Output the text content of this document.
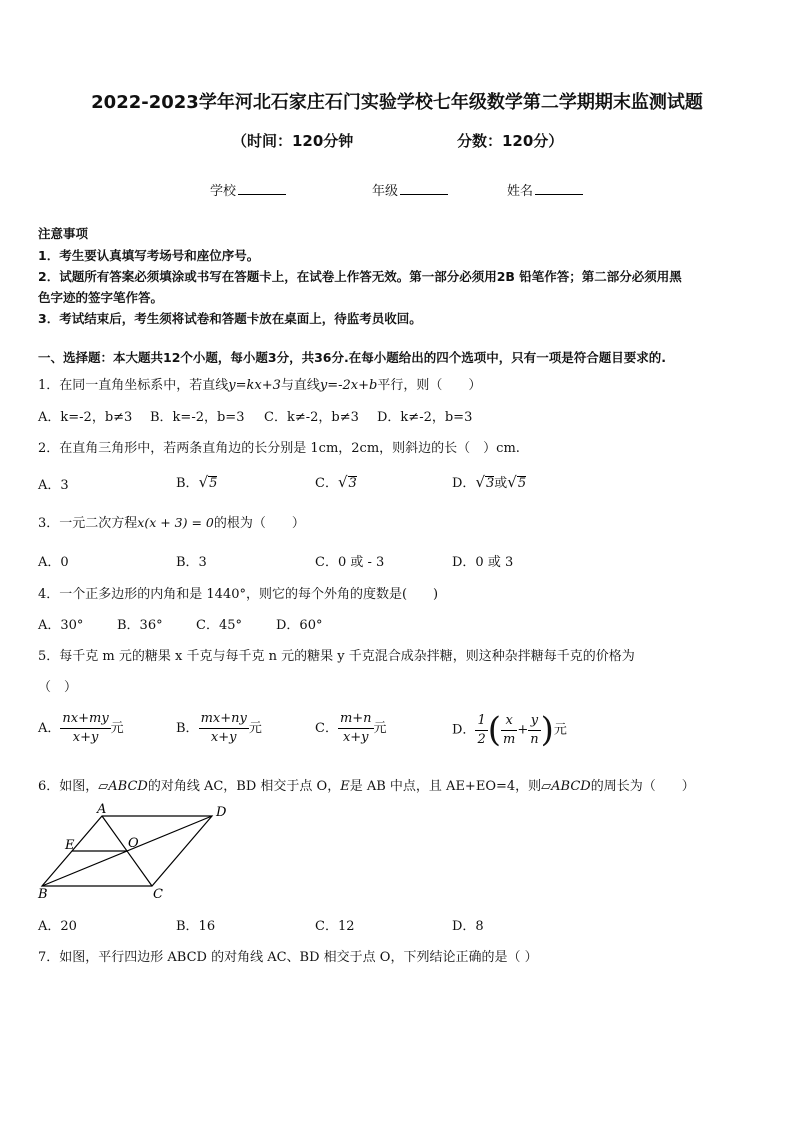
2022-2023学年河北石家庄石门实验学校七年级数学第二学期期末监测试题
（时间：120分钟	分数：120分）
学校	年级	姓名
注意事项
1．考生要认真填写考场号和座位序号。
2．试题所有答案必须填涂或书写在答题卡上，在试卷上作答无效。第一部分必须用2B 铅笔作答；第二部分必须用黑
色字迹的签字笔作答。
3．考试结束后，考生须将试卷和答题卡放在桌面上，待监考员收回。
一、选择题：本大题共12个小题，每小题3分，共36分.在每小题给出的四个选项中，只有一项是符合题目要求的.
1．在同一直角坐标系中，若直线y=kx+3与直线y=-2x+b平行，则（　　）
A．k=-2，b≠3 B．k=-2，b=3 C．k≠-2，b≠3 D．k≠-2，b=3
2．在直角三角形中，若两条直角边的长分别是 1cm，2cm，则斜边的长（　）cm.
A．3	B．√5	C．√3	D．√3或√5
3．一元二次方程x(x + 3) = 0的根为（　　）
A．0	B．3	C．0 或 - 3	D．0 或 3
4．一个正多边形的内角和是 1440°，则它的每个外角的度数是(　　)
A．30°	B．36°	C．45°	D．60°
5．每千克 m 元的糖果 x 千克与每千克 n 元的糖果 y 千克混合成杂拌糖，则这种杂拌糖每千克的价格为
（　）
A． $\frac{nx+my}{x+y}$ 元	B． $\frac{mx+ny}{x+y}$ 元	C． $\frac{m+n}{x+y}$ 元	D． $\frac{1}{2}$ ( $\frac{x}{m} + \frac{y}{n}$ )元
6．如图，▱ABCD的对角线 AC，BD 相交于点 O，E是 AB 中点，且 AE+EO=4，则▱ABCD的周长为（　　）
A	D
E	O
B	C
A．20	B．16	C．12	D．8
7．如图，平行四边形 ABCD 的对角线 AC、BD 相交于点 O，下列结论正确的是（ ）
